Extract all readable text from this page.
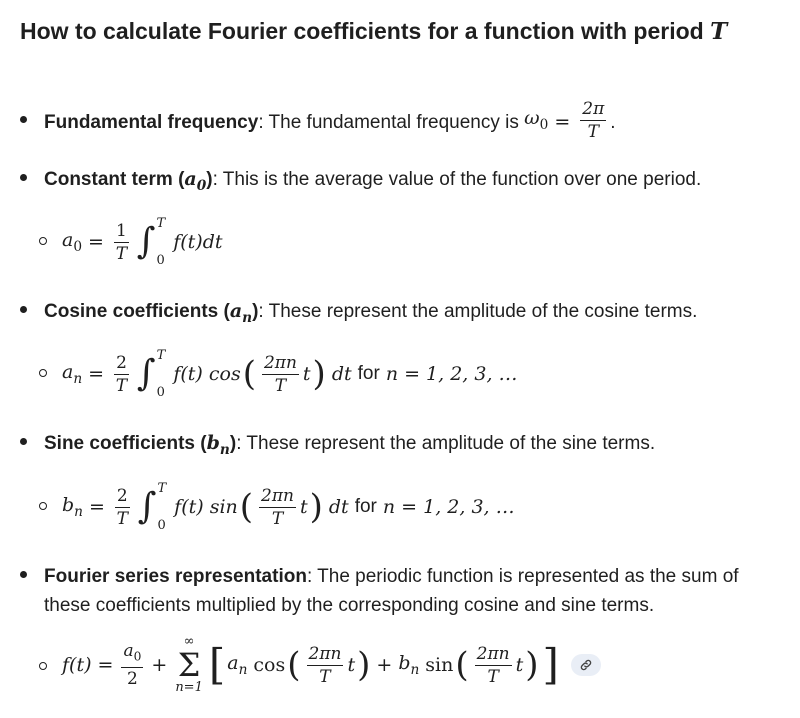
How to calculate Fourier coefficients for a function with period T
Fundamental frequency : The fundamental frequency is $\omega_0 = \frac{2\pi}{T}$ .
Constant term $(a_0)$: This is the average value of the function over one period.
$a_0 = \frac{1}{T}$ ∫ T
0
f(t)dt
Cosine coefficients $(a_n)$: These represent the amplitude of the cosine terms.
$a_n = \frac{2}{T}$ ∫ T
0
f(t) cos ( $\frac{2\pi n}{T}$ t ) dt for n = 1, 2, 3, …
Sine coefficients $(b_n)$: These represent the amplitude of the sine terms.
$b_n = \frac{2}{T}$ ∫ T
0
f(t) sin ( $\frac{2\pi n}{T}$ t ) dt for n = 1, 2, 3, …
Fourier series representation: The periodic function is represented as the sum of
these coefficients multiplied by the corresponding cosine and sine terms.
$f(t) = \frac{a_0}{2}$ +
∞
Σ
n=1 [ $a_n$ cos ( $\frac{2\pi n}{T}$ t ) + $b_n$ sin ( $\frac{2\pi n}{T}$ t ) ]
